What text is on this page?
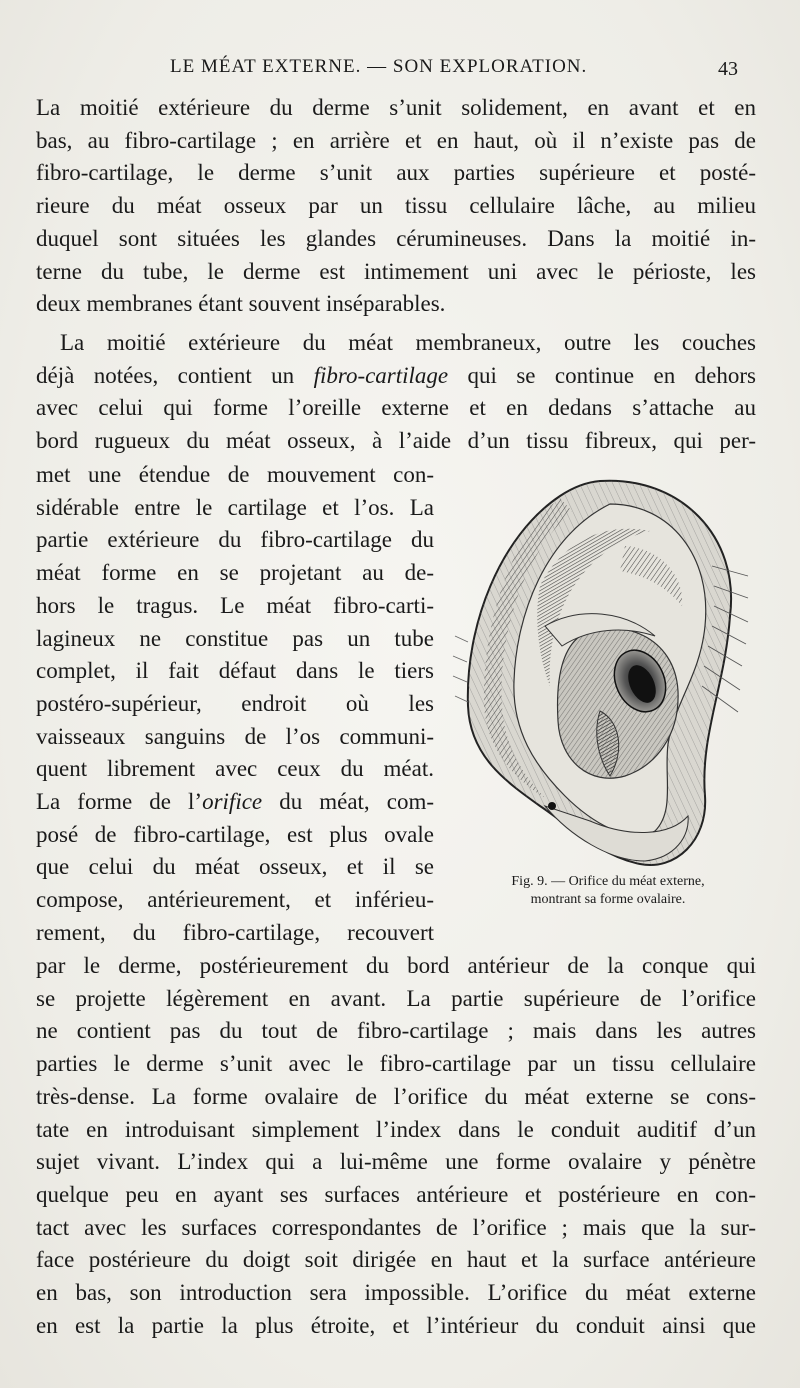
LE MÉAT EXTERNE. — SON EXPLORATION.	43

La moitié extérieure du derme s’unit solidement, en avant et en
bas, au fibro-cartilage ; en arrière et en haut, où il n’existe pas de
fibro-cartilage, le derme s’unit aux parties supérieure et posté-
rieure du méat osseux par un tissu cellulaire lâche, au milieu
duquel sont situées les glandes cérumineuses. Dans la moitié in-
terne du tube, le derme est intimement uni avec le périoste, les
deux membranes étant souvent inséparables.

La moitié extérieure du méat membraneux, outre les couches
déjà notées, contient un fibro-cartilage qui se continue en dehors
avec celui qui forme l’oreille externe et en dedans s’attache au
bord rugueux du méat osseux, à l’aide d’un tissu fibreux, qui per-

met une étendue de mouvement con-
sidérable entre le cartilage et l’os. La
partie extérieure du fibro-cartilage du
méat forme en se projetant au de-
hors le tragus. Le méat fibro-carti-
lagineux ne constitue pas un tube
complet, il fait défaut dans le tiers
postéro-supérieur, endroit où les
vaisseaux sanguins de l’os communi-
quent librement avec ceux du méat.
La forme de l’orifice du méat, com-
posé de fibro-cartilage, est plus ovale
que celui du méat osseux, et il se
compose, antérieurement, et inférieu-
rement, du fibro-cartilage, recouvert

par le derme, postérieurement du bord antérieur de la conque qui
se projette légèrement en avant. La partie supérieure de l’orifice
ne contient pas du tout de fibro-cartilage ; mais dans les autres
parties le derme s’unit avec le fibro-cartilage par un tissu cellulaire
très-dense. La forme ovalaire de l’orifice du méat externe se cons-
tate en introduisant simplement l’index dans le conduit auditif d’un
sujet vivant. L’index qui a lui-même une forme ovalaire y pénètre
quelque peu en ayant ses surfaces antérieure et postérieure en con-
tact avec les surfaces correspondantes de l’orifice ; mais que la sur-
face postérieure du doigt soit dirigée en haut et la surface antérieure
en bas, son introduction sera impossible. L’orifice du méat externe
en est la partie la plus étroite, et l’intérieur du conduit ainsi que

Fig. 9. — Orifice du méat externe,
montrant sa forme ovalaire.
